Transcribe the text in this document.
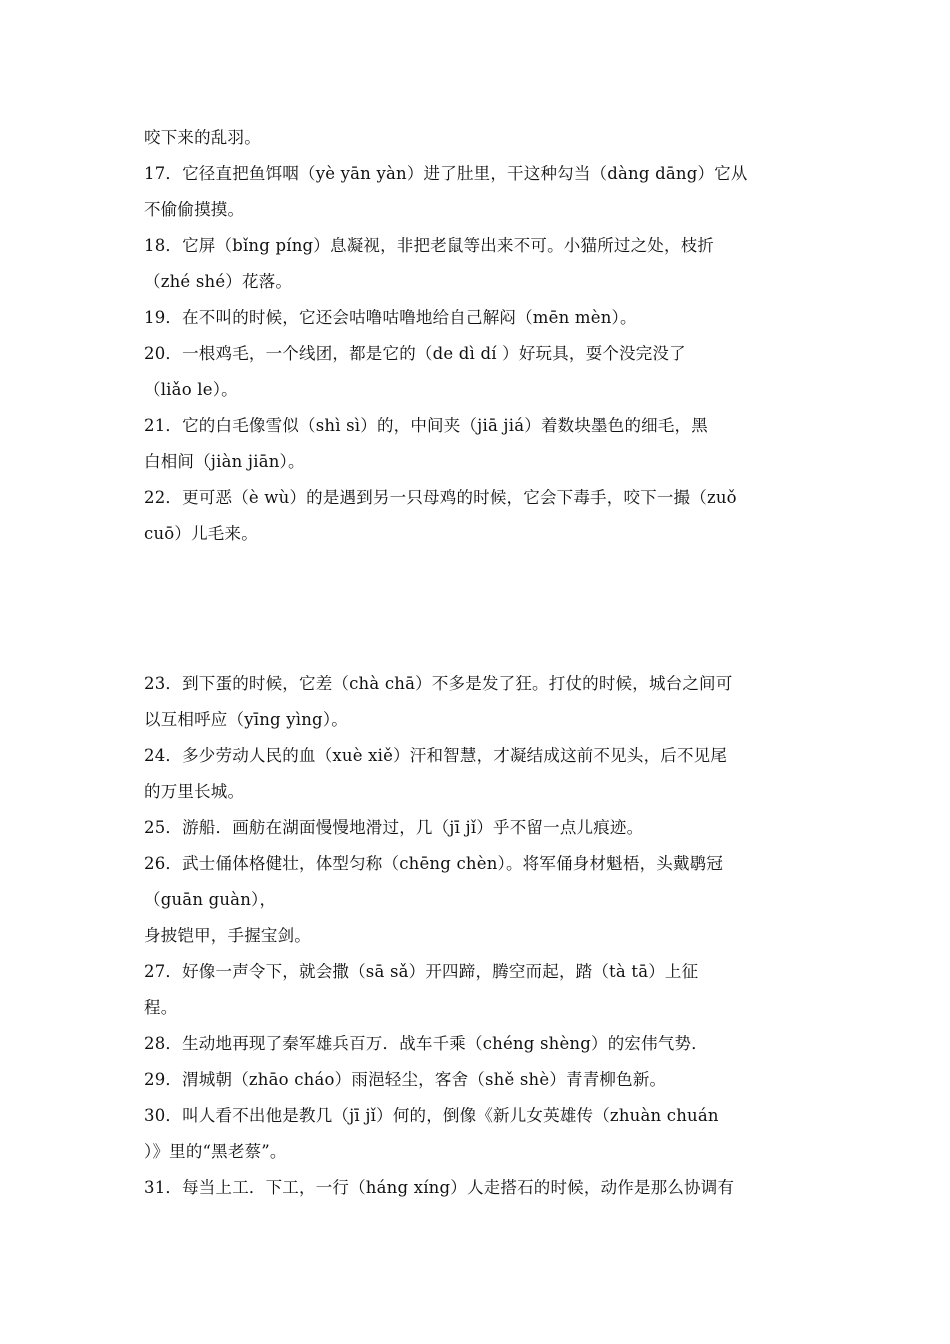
咬下来的乱羽。
17．它径直把鱼饵咽（yè yān yàn）进了肚里，干这种勾当（dàng dāng）它从
不偷偷摸摸。
18．它屏（bǐng píng）息凝视，非把老鼠等出来不可。小猫所过之处，枝折
（zhé shé）花落。
19．在不叫的时候，它还会咕噜咕噜地给自己解闷（mēn mèn）。
20．一根鸡毛，一个线团，都是它的（de dì dí ）好玩具，耍个没完没了
（liǎo le）。
21．它的白毛像雪似（shì sì）的，中间夹（jiā jiá）着数块墨色的细毛，黑
白相间（jiàn jiān）。
22．更可恶（è wù）的是遇到另一只母鸡的时候，它会下毒手，咬下一撮（zuǒ
cuō）儿毛来。
23．到下蛋的时候，它差（chà chā）不多是发了狂。打仗的时候，城台之间可
以互相呼应（yīng yìng）。
24．多少劳动人民的血（xuè xiě）汗和智慧，才凝结成这前不见头，后不见尾
的万里长城。
25．游船．画舫在湖面慢慢地滑过，几（jī jǐ）乎不留一点儿痕迹。
26．武士俑体格健壮，体型匀称（chēng chèn）。将军俑身材魁梧，头戴鹖冠
（guān guàn），
身披铠甲，手握宝剑。
27．好像一声令下，就会撒（sā sǎ）开四蹄，腾空而起，踏（tà tā）上征
程。
28．生动地再现了秦军雄兵百万．战车千乘（chéng shèng）的宏伟气势．
29．渭城朝（zhāo cháo）雨浥轻尘，客舍（shě shè）青青柳色新。
30．叫人看不出他是教几（jī jǐ）何的，倒像《新儿女英雄传（zhuàn chuán
）》里的“黑老蔡”。
31．每当上工．下工，一行（háng xíng）人走搭石的时候，动作是那么协调有
